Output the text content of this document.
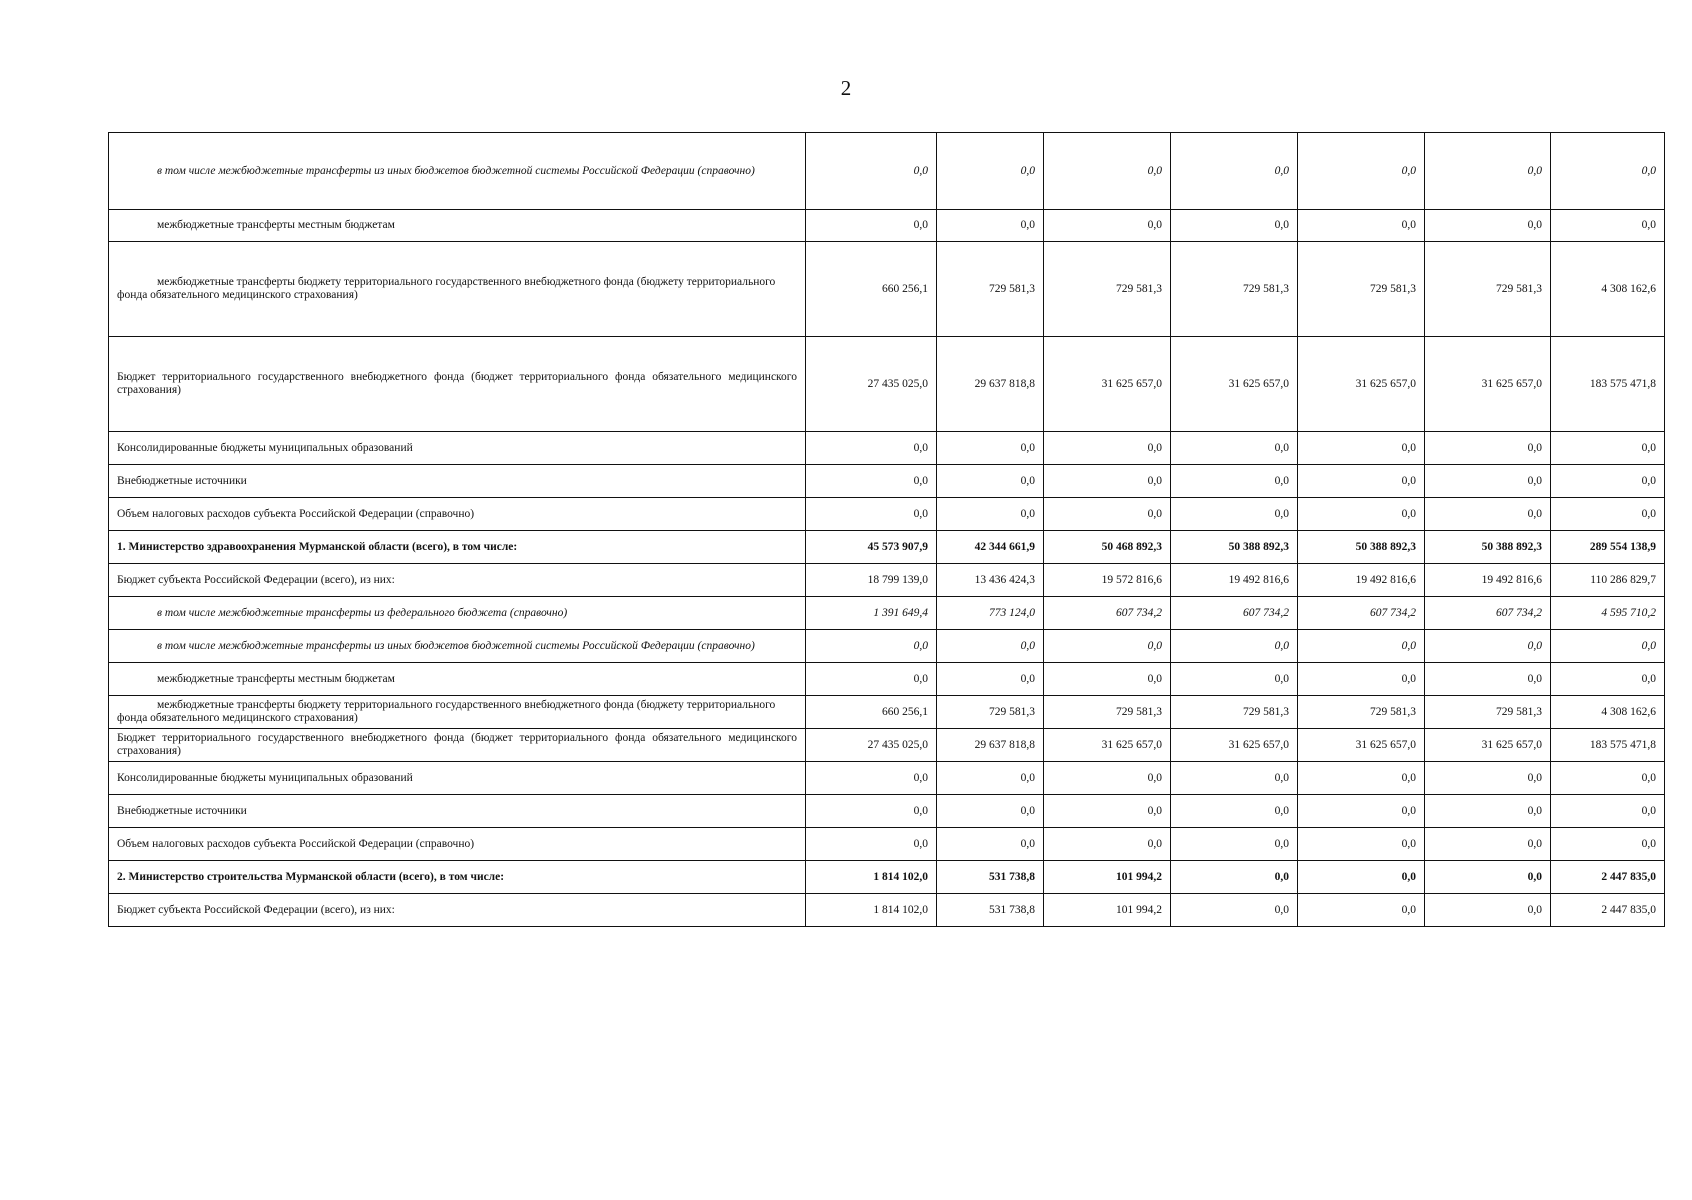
2
в том числе межбюджетные трансферты из иных бюджетов бюджетной системы Российской Федерации (справочно)	0,0	0,0	0,0	0,0	0,0	0,0	0,0
межбюджетные трансферты местным бюджетам	0,0	0,0	0,0	0,0	0,0	0,0	0,0
межбюджетные трансферты бюджету территориального государственного внебюджетного фонда (бюджету территориального фонда обязательного медицинского страхования)	660 256,1	729 581,3	729 581,3	729 581,3	729 581,3	729 581,3	4 308 162,6
Бюджет территориального государственного внебюджетного фонда (бюджет территориального фонда обязательного медицинского страхования)	27 435 025,0	29 637 818,8	31 625 657,0	31 625 657,0	31 625 657,0	31 625 657,0	183 575 471,8
Консолидированные бюджеты муниципальных образований	0,0	0,0	0,0	0,0	0,0	0,0	0,0
Внебюджетные источники	0,0	0,0	0,0	0,0	0,0	0,0	0,0
Объем налоговых расходов субъекта Российской Федерации (справочно)	0,0	0,0	0,0	0,0	0,0	0,0	0,0
1. Министерство здравоохранения Мурманской области (всего), в том числе:	45 573 907,9	42 344 661,9	50 468 892,3	50 388 892,3	50 388 892,3	50 388 892,3	289 554 138,9
Бюджет субъекта Российской Федерации (всего), из них:	18 799 139,0	13 436 424,3	19 572 816,6	19 492 816,6	19 492 816,6	19 492 816,6	110 286 829,7
в том числе межбюджетные трансферты из федерального бюджета (справочно)	1 391 649,4	773 124,0	607 734,2	607 734,2	607 734,2	607 734,2	4 595 710,2
в том числе межбюджетные трансферты из иных бюджетов бюджетной системы Российской Федерации (справочно)	0,0	0,0	0,0	0,0	0,0	0,0	0,0
межбюджетные трансферты местным бюджетам	0,0	0,0	0,0	0,0	0,0	0,0	0,0
межбюджетные трансферты бюджету территориального государственного внебюджетного фонда (бюджету территориального фонда обязательного медицинского страхования)	660 256,1	729 581,3	729 581,3	729 581,3	729 581,3	729 581,3	4 308 162,6
Бюджет территориального государственного внебюджетного фонда (бюджет территориального фонда обязательного медицинского страхования)	27 435 025,0	29 637 818,8	31 625 657,0	31 625 657,0	31 625 657,0	31 625 657,0	183 575 471,8
Консолидированные бюджеты муниципальных образований	0,0	0,0	0,0	0,0	0,0	0,0	0,0
Внебюджетные источники	0,0	0,0	0,0	0,0	0,0	0,0	0,0
Объем налоговых расходов субъекта Российской Федерации (справочно)	0,0	0,0	0,0	0,0	0,0	0,0	0,0
2. Министерство строительства Мурманской области (всего), в том числе:	1 814 102,0	531 738,8	101 994,2	0,0	0,0	0,0	2 447 835,0
Бюджет субъекта Российской Федерации (всего), из них:	1 814 102,0	531 738,8	101 994,2	0,0	0,0	0,0	2 447 835,0
